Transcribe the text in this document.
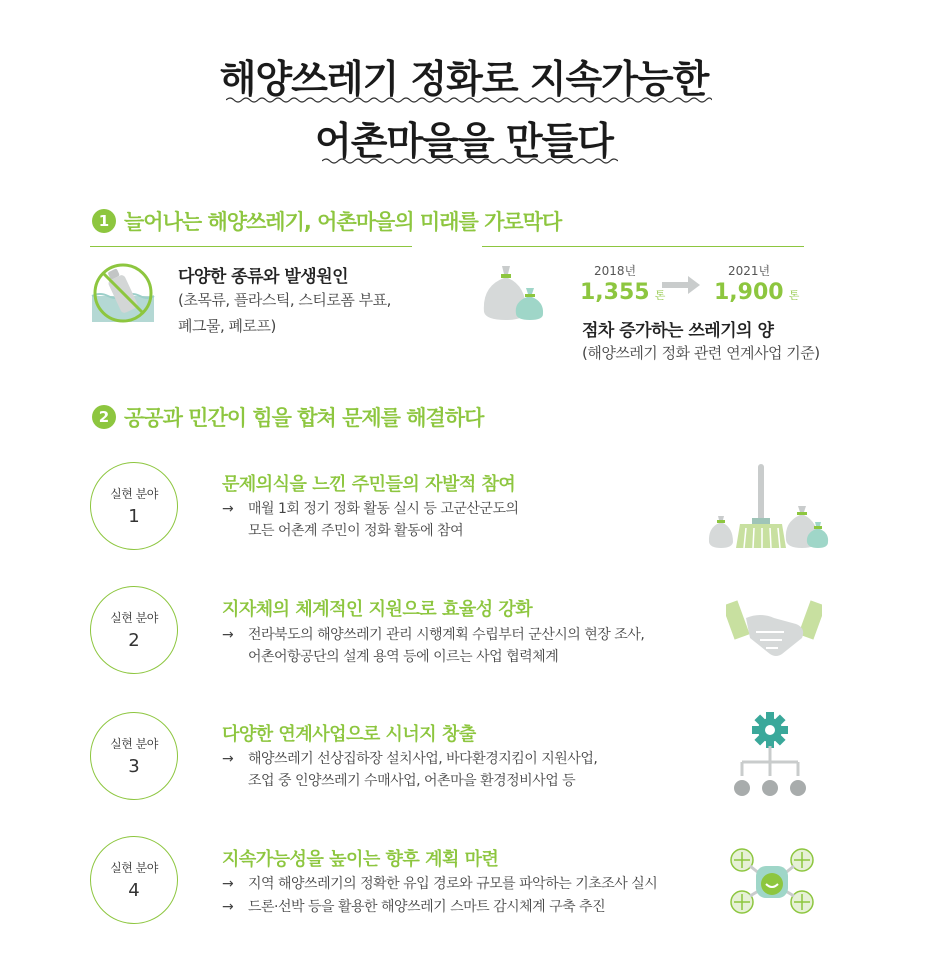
해양쓰레기 정화로 지속가능한
어촌마을을 만들다
1 늘어나는 해양쓰레기, 어촌마을의 미래를 가로막다
다양한 종류와 발생원인
(초목류, 플라스틱, 스티로폼 부표,
폐그물, 폐로프)
2018년
1,355 톤
2021년
1,900 톤
점차 증가하는 쓰레기의 양
(해양쓰레기 정화 관련 연계사업 기준)
2 공공과 민간이 힘을 합쳐 문제를 해결하다
실현 분야
1
문제의식을 느낀 주민들의 자발적 참여
→ 매월 1회 정기 정화 활동 실시 등 고군산군도의
모든 어촌계 주민이 정화 활동에 참여
실현 분야
2
지자체의 체계적인 지원으로 효율성 강화
→ 전라북도의 해양쓰레기 관리 시행계획 수립부터 군산시의 현장 조사,
어촌어항공단의 설계 용역 등에 이르는 사업 협력체계
실현 분야
3
다양한 연계사업으로 시너지 창출
→ 해양쓰레기 선상집하장 설치사업, 바다환경지킴이 지원사업,
조업 중 인양쓰레기 수매사업, 어촌마을 환경정비사업 등
실현 분야
4
지속가능성을 높이는 향후 계획 마련
→ 지역 해양쓰레기의 정확한 유입 경로와 규모를 파악하는 기초조사 실시
→ 드론·선박 등을 활용한 해양쓰레기 스마트 감시체계 구축 추진
